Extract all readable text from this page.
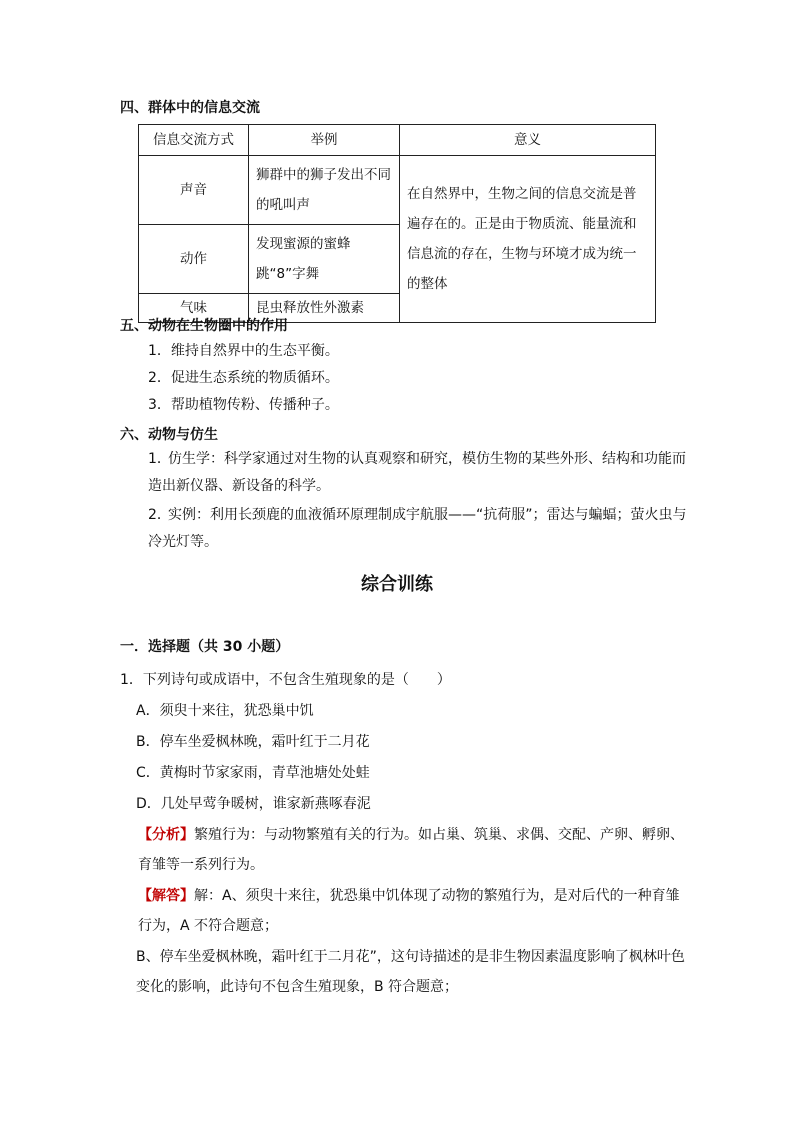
四、群体中的信息交流
信息交流方式	举例	意义
声音	狮群中的狮子发出不同的吼叫声	在自然界中，生物之间的信息交流是普遍存在的。正是由于物质流、能量流和信息流的存在，生物与环境才成为统一的整体
动作	发现蜜源的蜜蜂跳“8”字舞	
气味	昆虫释放性外激素	
五、动物在生物圈中的作用
1．维持自然界中的生态平衡。
2．促进生态系统的物质循环。
3．帮助植物传粉、传播种子。
六、动物与仿生
1．仿生学：科学家通过对生物的认真观察和研究，模仿生物的某些外形、结构和功能而造出新仪器、新设备的科学。
2．实例：利用长颈鹿的血液循环原理制成宇航服——“抗荷服”；雷达与蝙蝠；萤火虫与冷光灯等。
综合训练
一．选择题（共 30 小题）
1．下列诗句或成语中，不包含生殖现象的是（　　）
A．须臾十来往，犹恐巢中饥
B．停车坐爱枫林晚，霜叶红于二月花
C．黄梅时节家家雨，青草池塘处处蛙
D．几处早莺争暖树，谁家新燕啄春泥
【分析】繁殖行为：与动物繁殖有关的行为。如占巢、筑巢、求偶、交配、产卵、孵卵、育雏等一系列行为。
【解答】解：A、须臾十来往，犹恐巢中饥体现了动物的繁殖行为，是对后代的一种育雏行为，A 不符合题意；
B、停车坐爱枫林晚，霜叶红于二月花”，这句诗描述的是非生物因素温度影响了枫林叶色变化的影响，此诗句不包含生殖现象，B 符合题意；
